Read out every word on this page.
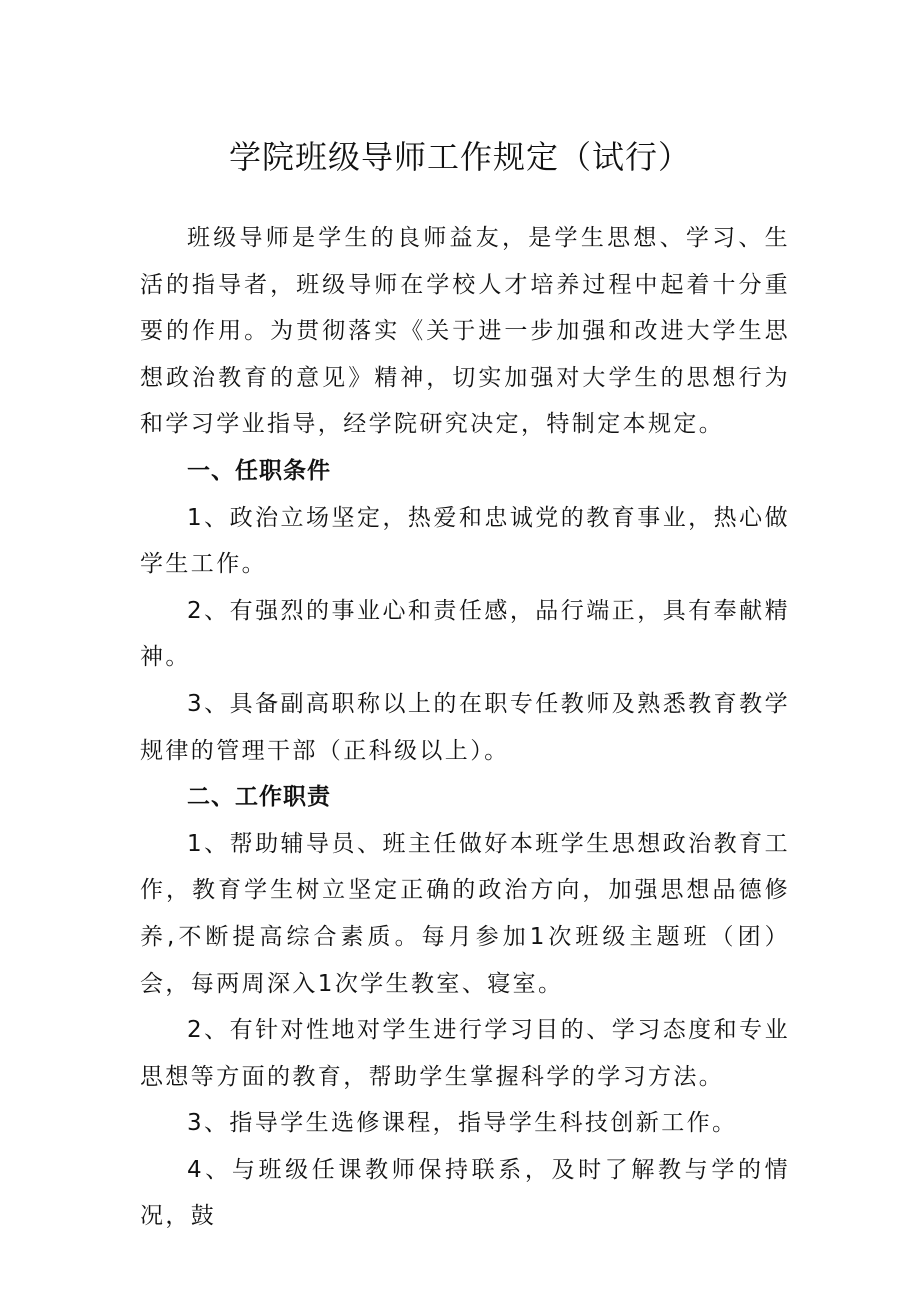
学院班级导师工作规定（试行）

班级导师是学生的良师益友，是学生思想、学习、生活的指导者，班级导师在学校人才培养过程中起着十分重要的作用。为贯彻落实《关于进一步加强和改进大学生思想政治教育的意见》精神，切实加强对大学生的思想行为和学习学业指导，经学院研究决定，特制定本规定。

一、任职条件

1、政治立场坚定，热爱和忠诚党的教育事业，热心做学生工作。

2、有强烈的事业心和责任感，品行端正，具有奉献精神。

3、具备副高职称以上的在职专任教师及熟悉教育教学规律的管理干部（正科级以上）。

二、工作职责

1、帮助辅导员、班主任做好本班学生思想政治教育工作，教育学生树立坚定正确的政治方向，加强思想品德修养,不断提高综合素质。每月参加1次班级主题班（团）会，每两周深入1次学生教室、寝室。

2、有针对性地对学生进行学习目的、学习态度和专业思想等方面的教育，帮助学生掌握科学的学习方法。

3、指导学生选修课程，指导学生科技创新工作。

4、与班级任课教师保持联系，及时了解教与学的情况，鼓
